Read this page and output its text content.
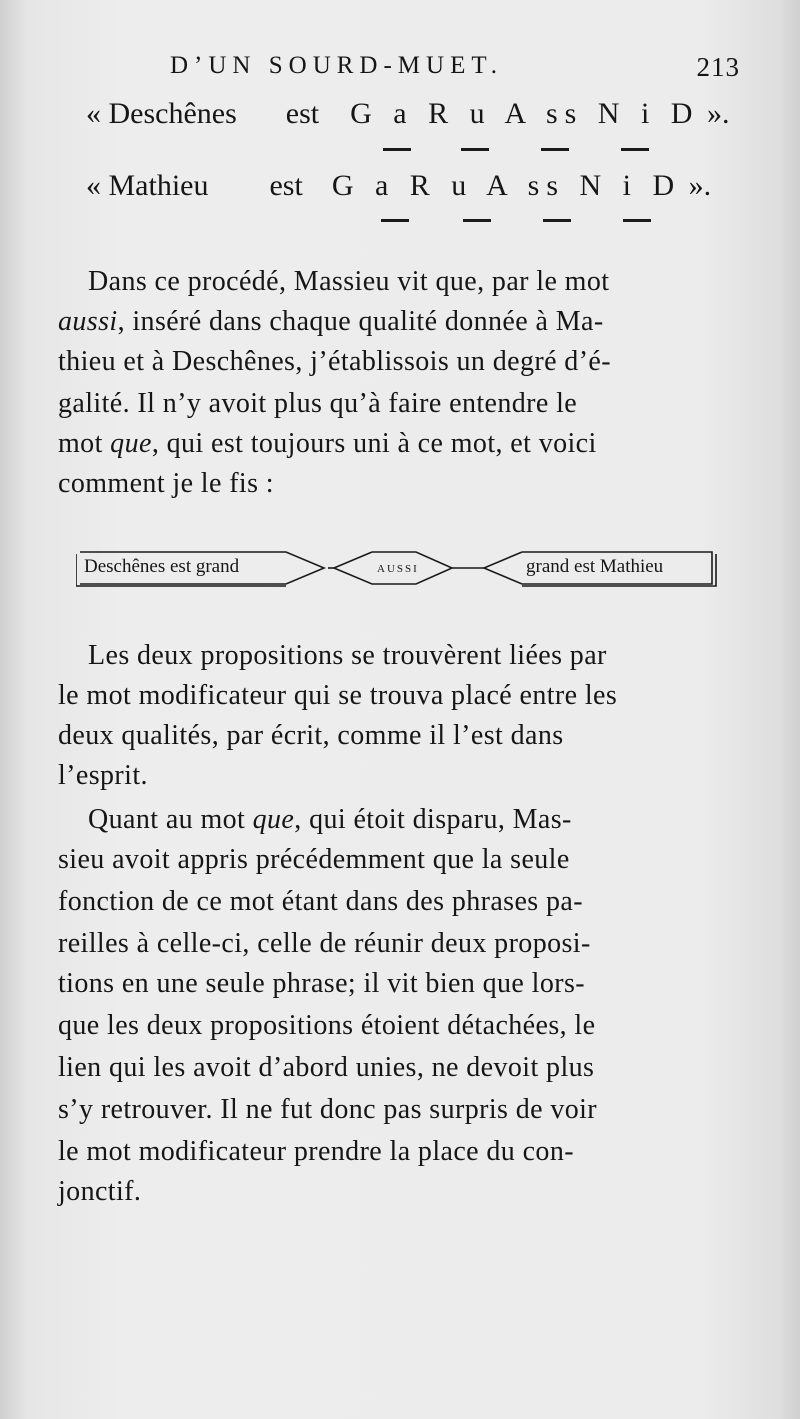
D’UN SOURD-MUET.	213
« Deschênes est G a R u A ss N i D ».
« Mathieu est G a R u A ss N i D ».
Dans ce procédé, Massieu vit que, par le mot
aussi, inséré dans chaque qualité donnée à Ma-
thieu et à Deschênes, j’établissois un degré d’é-
galité. Il n’y avoit plus qu’à faire entendre le
mot que, qui est toujours uni à ce mot, et voici
comment je le fis :
Deschênes est grand	AUSSI	grand est Mathieu
Les deux propositions se trouvèrent liées par
le mot modificateur qui se trouva placé entre les
deux qualités, par écrit, comme il l’est dans
l’esprit.
Quant au mot que, qui étoit disparu, Mas-
sieu avoit appris précédemment que la seule
fonction de ce mot étant dans des phrases pa-
reilles à celle-ci, celle de réunir deux proposi-
tions en une seule phrase; il vit bien que lors-
que les deux propositions étoient détachées, le
lien qui les avoit d’abord unies, ne devoit plus
s’y retrouver. Il ne fut donc pas surpris de voir
le mot modificateur prendre la place du con-
jonctif.
